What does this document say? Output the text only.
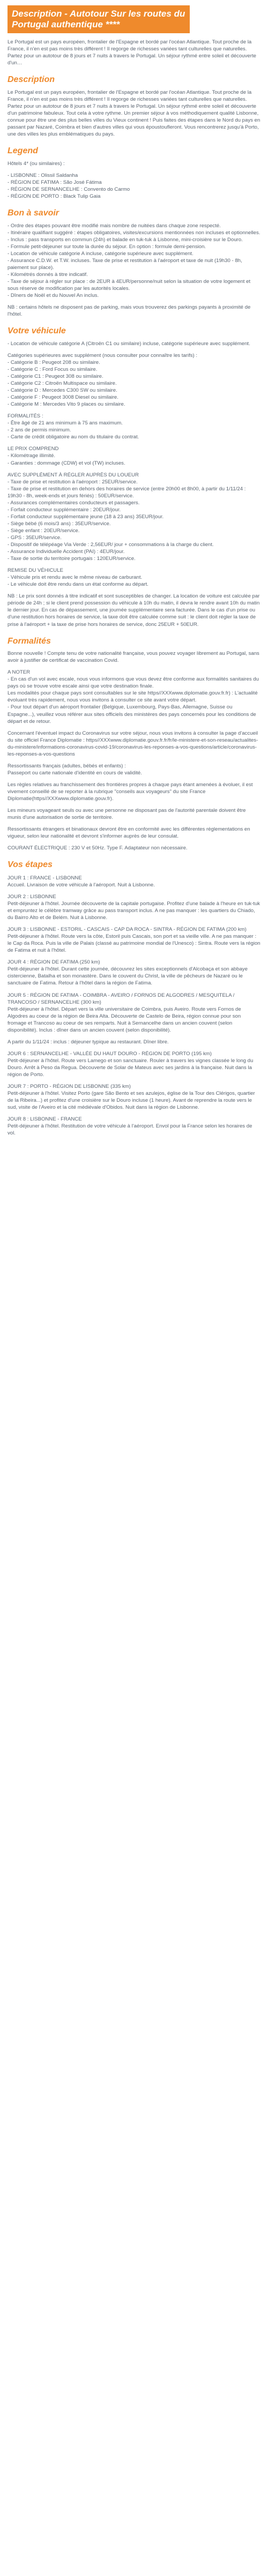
Description - Autotour Sur les routes du Portugal authentique ****

Le Portugal est un pays européen, frontalier de l'Espagne et bordé par l'océan Atlantique. Tout proche de la France, il n'en est pas moins très différent ! Il regorge de richesses variées tant culturelles que naturelles. Partez pour un autotour de 8 jours et 7 nuits à travers le Portugal. Un séjour rythmé entre soleil et découverte d'un…

Description

Le Portugal est un pays européen, frontalier de l'Espagne et bordé par l'océan Atlantique. Tout proche de la France, il n'en est pas moins très différent ! Il regorge de richesses variées tant culturelles que naturelles. Partez pour un autotour de 8 jours et 7 nuits à travers le Portugal. Un séjour rythmé entre soleil et découverte d'un patrimoine fabuleux. Tout cela à votre rythme. Un premier séjour à vos méthodiquement qualité Lisbonne, connue pour être une des plus belles villes du Vieux continent ! Puis faites des étapes dans le Nord du pays en passant par Nazaré, Coimbra et bien d'autres villes qui vous époustoufleront. Vous rencontrerez jusqu'à Porto, une des villes les plus emblématiques du pays.

Legend

Hôtels 4* (ou similaires) :

- LISBONNE : Olissil Saldanha

- RÉGION DE FATIMA : São José Fátima

- RÉGION DE SERNANCELHE : Convento do Carmo

- RÉGION DE PORTO : Black Tulip Gaia

Bon à savoir

- Ordre des étapes pouvant être modifié mais nombre de nuitées dans chaque zone respecté.

- Itinéraire qualifiant suggéré : étapes obligatoires, visites/excursions mentionnées non incluses et optionnelles.

- Inclus : pass transports en commun (24h) et balade en tuk-tuk à Lisbonne, mini-croisière sur le Douro.

- Formule petit-déjeuner sur toute la durée du séjour. En option : formule demi-pension.

- Location de véhicule catégorie A incluse, catégorie supérieure avec supplément.

- Assurance C.D.W. et T.W. incluses. Taxe de prise et restitution à l'aéroport et taxe de nuit (19h30 - 8h, paiement sur place).

- Kilométrés donnés à titre indicatif.

- Taxe de séjour à régler sur place : de 2EUR à 4EUR/personne/nuit selon la situation de votre logement et sous réserve de modification par les autorités locales.

- Dîners de Noël et du Nouvel An inclus.

NB : certains hôtels ne disposent pas de parking, mais vous trouverez des parkings payants à proximité de l'hôtel.

Votre véhicule

- Location de véhicule catégorie A (Citroën C1 ou similaire) incluse, catégorie supérieure avec supplément.

Catégories supérieures avec supplément (nous consulter pour connaître les tarifs) :

- Catégorie B : Peugeot 208 ou similaire.

- Catégorie C : Ford Focus ou similaire.

- Catégorie C1 : Peugeot 308 ou similaire.

- Catégorie C2 : Citroën Multispace ou similaire.

- Catégorie D : Mercedes C300 SW ou similaire.

- Catégorie F : Peugeot 3008 Diesel ou similaire.

- Catégorie M : Mercedes Vito 9 places ou similaire.

FORMALITÉS :

- Être âgé de 21 ans minimum à 75 ans maximum.

- 2 ans de permis minimum.

- Carte de crédit obligatoire au nom du titulaire du contrat.

LE PRIX COMPREND

- Kilométrage illimité.

- Garanties : dommage (CDW) et vol (TW) incluses.

AVEC SUPPLÉMENT À RÉGLER AUPRÈS DU LOUEUR

- Taxe de prise et restitution à l'aéroport : 25EUR/service.

- Taxe de prise et restitution en dehors des horaires de service (entre 20h00 et 8h00, à partir du 1/11/24 : 19h30 - 8h, week-ends et jours fériés) : 50EUR/service.

- Assurances complémentaires conducteurs et passagers.

- Forfait conducteur supplémentaire : 20EUR/jour.

- Forfait conducteur supplémentaire jeune (18 à 23 ans) 35EUR/jour.

- Siège bébé (6 mois/3 ans) : 35EUR/service.

- Siège enfant : 20EUR/service.

- GPS : 35EUR/service.

- Dispositif de télépéage Via Verde : 2,56EUR/ jour + consommations à la charge du client.

- Assurance Individuelle Accident (PAI) : 4EUR/jour.

- Taxe de sortie du territoire portugais : 120EUR/service.

REMISE DU VÉHICULE

- Véhicule pris et rendu avec le même niveau de carburant.

- Le véhicule doit être rendu dans un état conforme au départ.

NB : Le prix sont donnés à titre indicatif et sont susceptibles de changer. La location de voiture est calculée par période de 24h ; si le client prend possession du véhicule à 10h du matin, il devra le rendre avant 10h du matin le dernier jour. En cas de dépassement, une journée supplémentaire sera facturée. Dans le cas d'un prise ou d'une restitution hors horaires de service, la taxe doit être calculée comme suit : le client doit régler la taxe de prise à l'aéroport + la taxe de prise hors horaires de service, donc 25EUR + 50EUR.

Formalités

Bonne nouvelle ! Compte tenu de votre nationalité française, vous pouvez voyager librement au Portugal, sans avoir à justifier de certificat de vaccination Covid.

A NOTER

- En cas d'un vol avec escale, nous vous informons que vous devez être conforme aux formalités sanitaires du pays où se trouve votre escale ainsi que votre destination finale.

Les modalités pour chaque pays sont consultables sur le site https//XXXwww.diplomatie.gouv.fr.fr) : L'actualité évoluant très rapidement, nous vous invitons à consulter ce site avant votre départ.

- Pour tout départ d'un aéroport frontalier (Belgique, Luxembourg, Pays-Bas, Allemagne, Suisse ou Espagne...), veuillez vous référer aux sites officiels des ministères des pays concernés pour les conditions de départ et de retour.

Concernant l'éventuel impact du Coronavirus sur votre séjour, nous vous invitons à consulter la page d'accueil du site officiel France Diplomatie : https//XXXwww.diplomatie.gouv.fr.fr/fr/le-ministere-et-son-reseau/actualites-du-ministere/informations-coronavirus-covid-19/coronavirus-les-reponses-a-vos-questions/article/coronavirus-les-reponses-a-vos-questions

Ressortissants français (adultes, bébés et enfants) :

Passeport ou carte nationale d'identité en cours de validité.

Les règles relatives au franchissement des frontières propres à chaque pays étant amenées à évoluer, il est vivement conseillé de se reporter à la rubrique "conseils aux voyageurs" du site France Diplomatie(https//XXXwww.diplomatie.gouv.fr).

Les mineurs voyageant seuls ou avec une personne ne disposant pas de l'autorité parentale doivent être munis d'une autorisation de sortie de territoire.

Ressortissants étrangers et binationaux devront être en conformité avec les différentes réglementations en vigueur, selon leur nationalité et devront s'informer auprès de leur consulat.

COURANT ÉLECTRIQUE : 230 V et 50Hz. Type F. Adaptateur non nécessaire.

Vos étapes

JOUR 1 : FRANCE - LISBONNE

Accueil. Livraison de votre véhicule à l'aéroport. Nuit à Lisbonne.

JOUR 2 : LISBONNE

Petit-déjeuner à l'hôtel. Journée découverte de la capitale portugaise. Profitez d'une balade à l'heure en tuk-tuk et empruntez le célèbre tramway grâce au pass transport inclus. A ne pas manquer : les quartiers du Chiado, du Bairro Alto et de Belém. Nuit à Lisbonne.

JOUR 3 : LISBONNE - ESTORIL - CASCAIS - CAP DA ROCA - SINTRA - RÉGION DE FATIMA (200 km)

Petit-déjeuner à l'hôtel. Route vers la côte, Estoril puis Cascais, son port et sa vieille ville. A ne pas manquer : le Cap da Roca. Puis la ville de Palais (classé au patrimoine mondial de l'Unesco) : Sintra. Route vers la région de Fatima et nuit à l'hôtel.

JOUR 4 : RÉGION DE FATIMA (250 km)

Petit-déjeuner à l'hôtel. Durant cette journée, découvrez les sites exceptionnels d'Alcobaça et son abbaye cistercienne, Batalha et son monastère. Dans le couvent du Christ, la ville de pêcheurs de Nazaré ou le sanctuaire de Fatima. Retour à l'hôtel dans la région de Fatima.

JOUR 5 : RÉGION DE FATIMA - COIMBRA - AVEIRO / FORNOS DE ALGODRES / MESQUITELA / TRANCOSO / SERNANCELHE (300 km)

Petit-déjeuner à l'hôtel. Départ vers la ville universitaire de Coimbra, puis Aveiro. Route vers Fornos de Algodres au coeur de la région de Beira Alta. Découverte de Castelo de Beira, région connue pour son fromage et Trancoso au coeur de ses remparts. Nuit à Sernancelhe dans un ancien couvent (selon disponibilité). Inclus : dîner dans un ancien couvent (selon disponibilité).

A partir du 1/11/24 : inclus : déjeuner typique au restaurant. Dîner libre.

JOUR 6 : SERNANCELHE - VALLÉE DU HAUT DOURO - RÉGION DE PORTO (195 km)

Petit-déjeuner à l'hôtel. Route vers Lamego et son sanctuaire. Rouler à travers les vignes classée le long du Douro. Arrêt à Peso da Regua. Découverte de Solar de Mateus avec ses jardins à la française. Nuit dans la région de Porto.

JOUR 7 : PORTO - RÉGION DE LISBONNE (335 km)

Petit-déjeuner à l'hôtel. Visitez Porto (gare São Bento et ses azulejos, église de la Tour des Clérigos, quartier de la Ribeira...) et profitez d'une croisière sur le Douro incluse (1 heure). Avant de reprendre la route vers le sud, visite de l'Aveiro et la cité médiévale d'Obidos. Nuit dans la région de Lisbonne.

JOUR 8 : LISBONNE - FRANCE

Petit-déjeuner à l'hôtel. Restitution de votre véhicule à l'aéroport. Envol pour la France selon les horaires de vol.
